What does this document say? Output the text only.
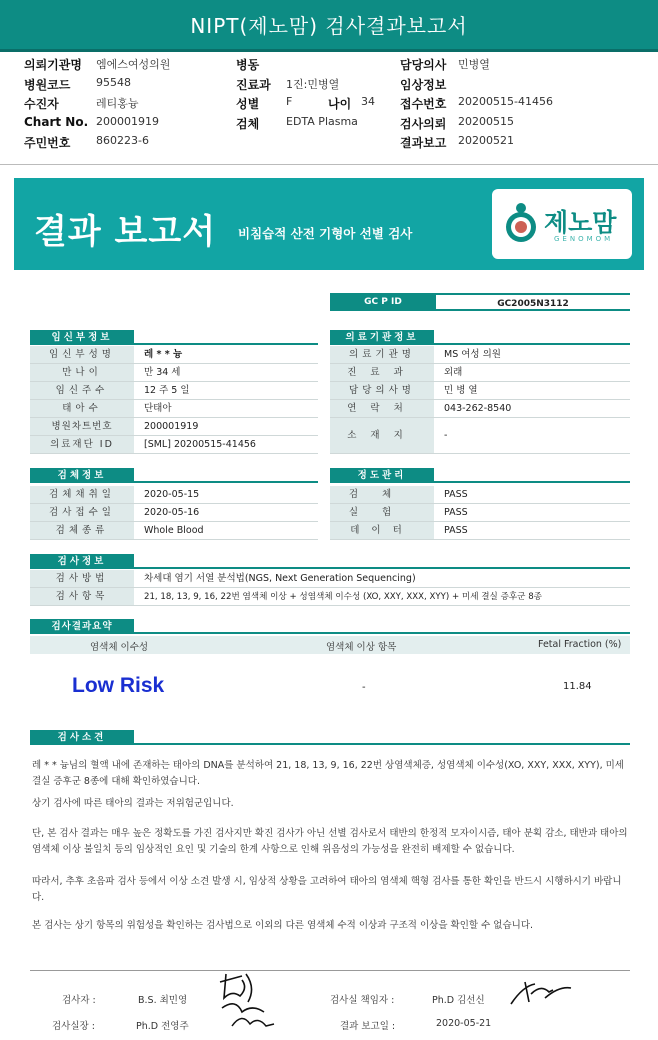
NIPT(제노맘) 검사결과보고서
의뢰기관명 엠에스여성의원	병동	담당의사 민병열
병원코드 95548	진료과 1진:민병열	임상정보
수진자	레티홍늉	성별 F	나이 34 접수번호 20200515-41456
Chart No. 200001919	검체 EDTA Plasma	검사의뢰 20200515
주민번호 860223-6	결과보고 20200521
결과 보고서 비침습적 산전 기형아 선별 검사	제노맘
GENOMOM
GC P ID	GC2005N3112
임신부정보
임신부성명	레 * * 늉
만나이	만 34 세
임신주수	12 주 5 일
태아수	단태아
병원차트번호	200001919
의료재단 ID	[SML] 20200515-41456
의료기관정보
의료기관명	MS 여성 의원
진료과	외래
담당의사명	민 병 열
연락처	043-262-8540
소재지	-
검체정보
검체채취일	2020-05-15
검사접수일	2020-05-16
검체종류	Whole Blood
정도관리
검체	PASS
실험	PASS
데이터	PASS
검사정보
검사방법	차세대 염기 서열 분석법(NGS, Next Generation Sequencing)
검사항목	21, 18, 13, 9, 16, 22번 염색체 이상 + 성염색체 이수성 (XO, XXY, XXX, XYY) + 미세 결실 증후군 8종
검사결과요약
염색체 이수성	염색체 이상 항목	Fetal Fraction (%)
Low Risk	-	11.84
검사소견
레 * * 늉님의 혈액 내에 존재하는 태아의 DNA를 분석하여 21, 18, 13, 9, 16, 22번 상염색체증, 성염색체 이수성(XO, XXY, XXX, XYY), 미세 결실 증후군 8종에 대해 확인하였습니다.
상기 검사에 따른 태아의 결과는 저위험군입니다.
단, 본 검사 결과는 매우 높은 정확도를 가진 검사지만 확진 검사가 아닌 선별 검사로서 태반의 한정적 모자이시즘, 태아 분획 감소, 태반과 태아의 염색체 이상 불일치 등의 임상적인 요인 및 기술의 한계 사항으로 인해 위음성의 가능성을 완전히 배제할 수 없습니다.
따라서, 추후 초음파 검사 등에서 이상 소견 발생 시, 임상적 상황을 고려하여 태아의 염색체 핵형 검사를 통한 확인을 반드시 시행하시기 바랍니다.
본 검사는 상기 항목의 위험성을 확인하는 검사법으로 이외의 다른 염색체 수적 이상과 구조적 이상을 확인할 수 없습니다.
검사자 :	B.S. 최민영	검사실 책임자 :	Ph.D 김선신
검사실장 :	Ph.D 전영주	결과 보고일 :	2020-05-21
